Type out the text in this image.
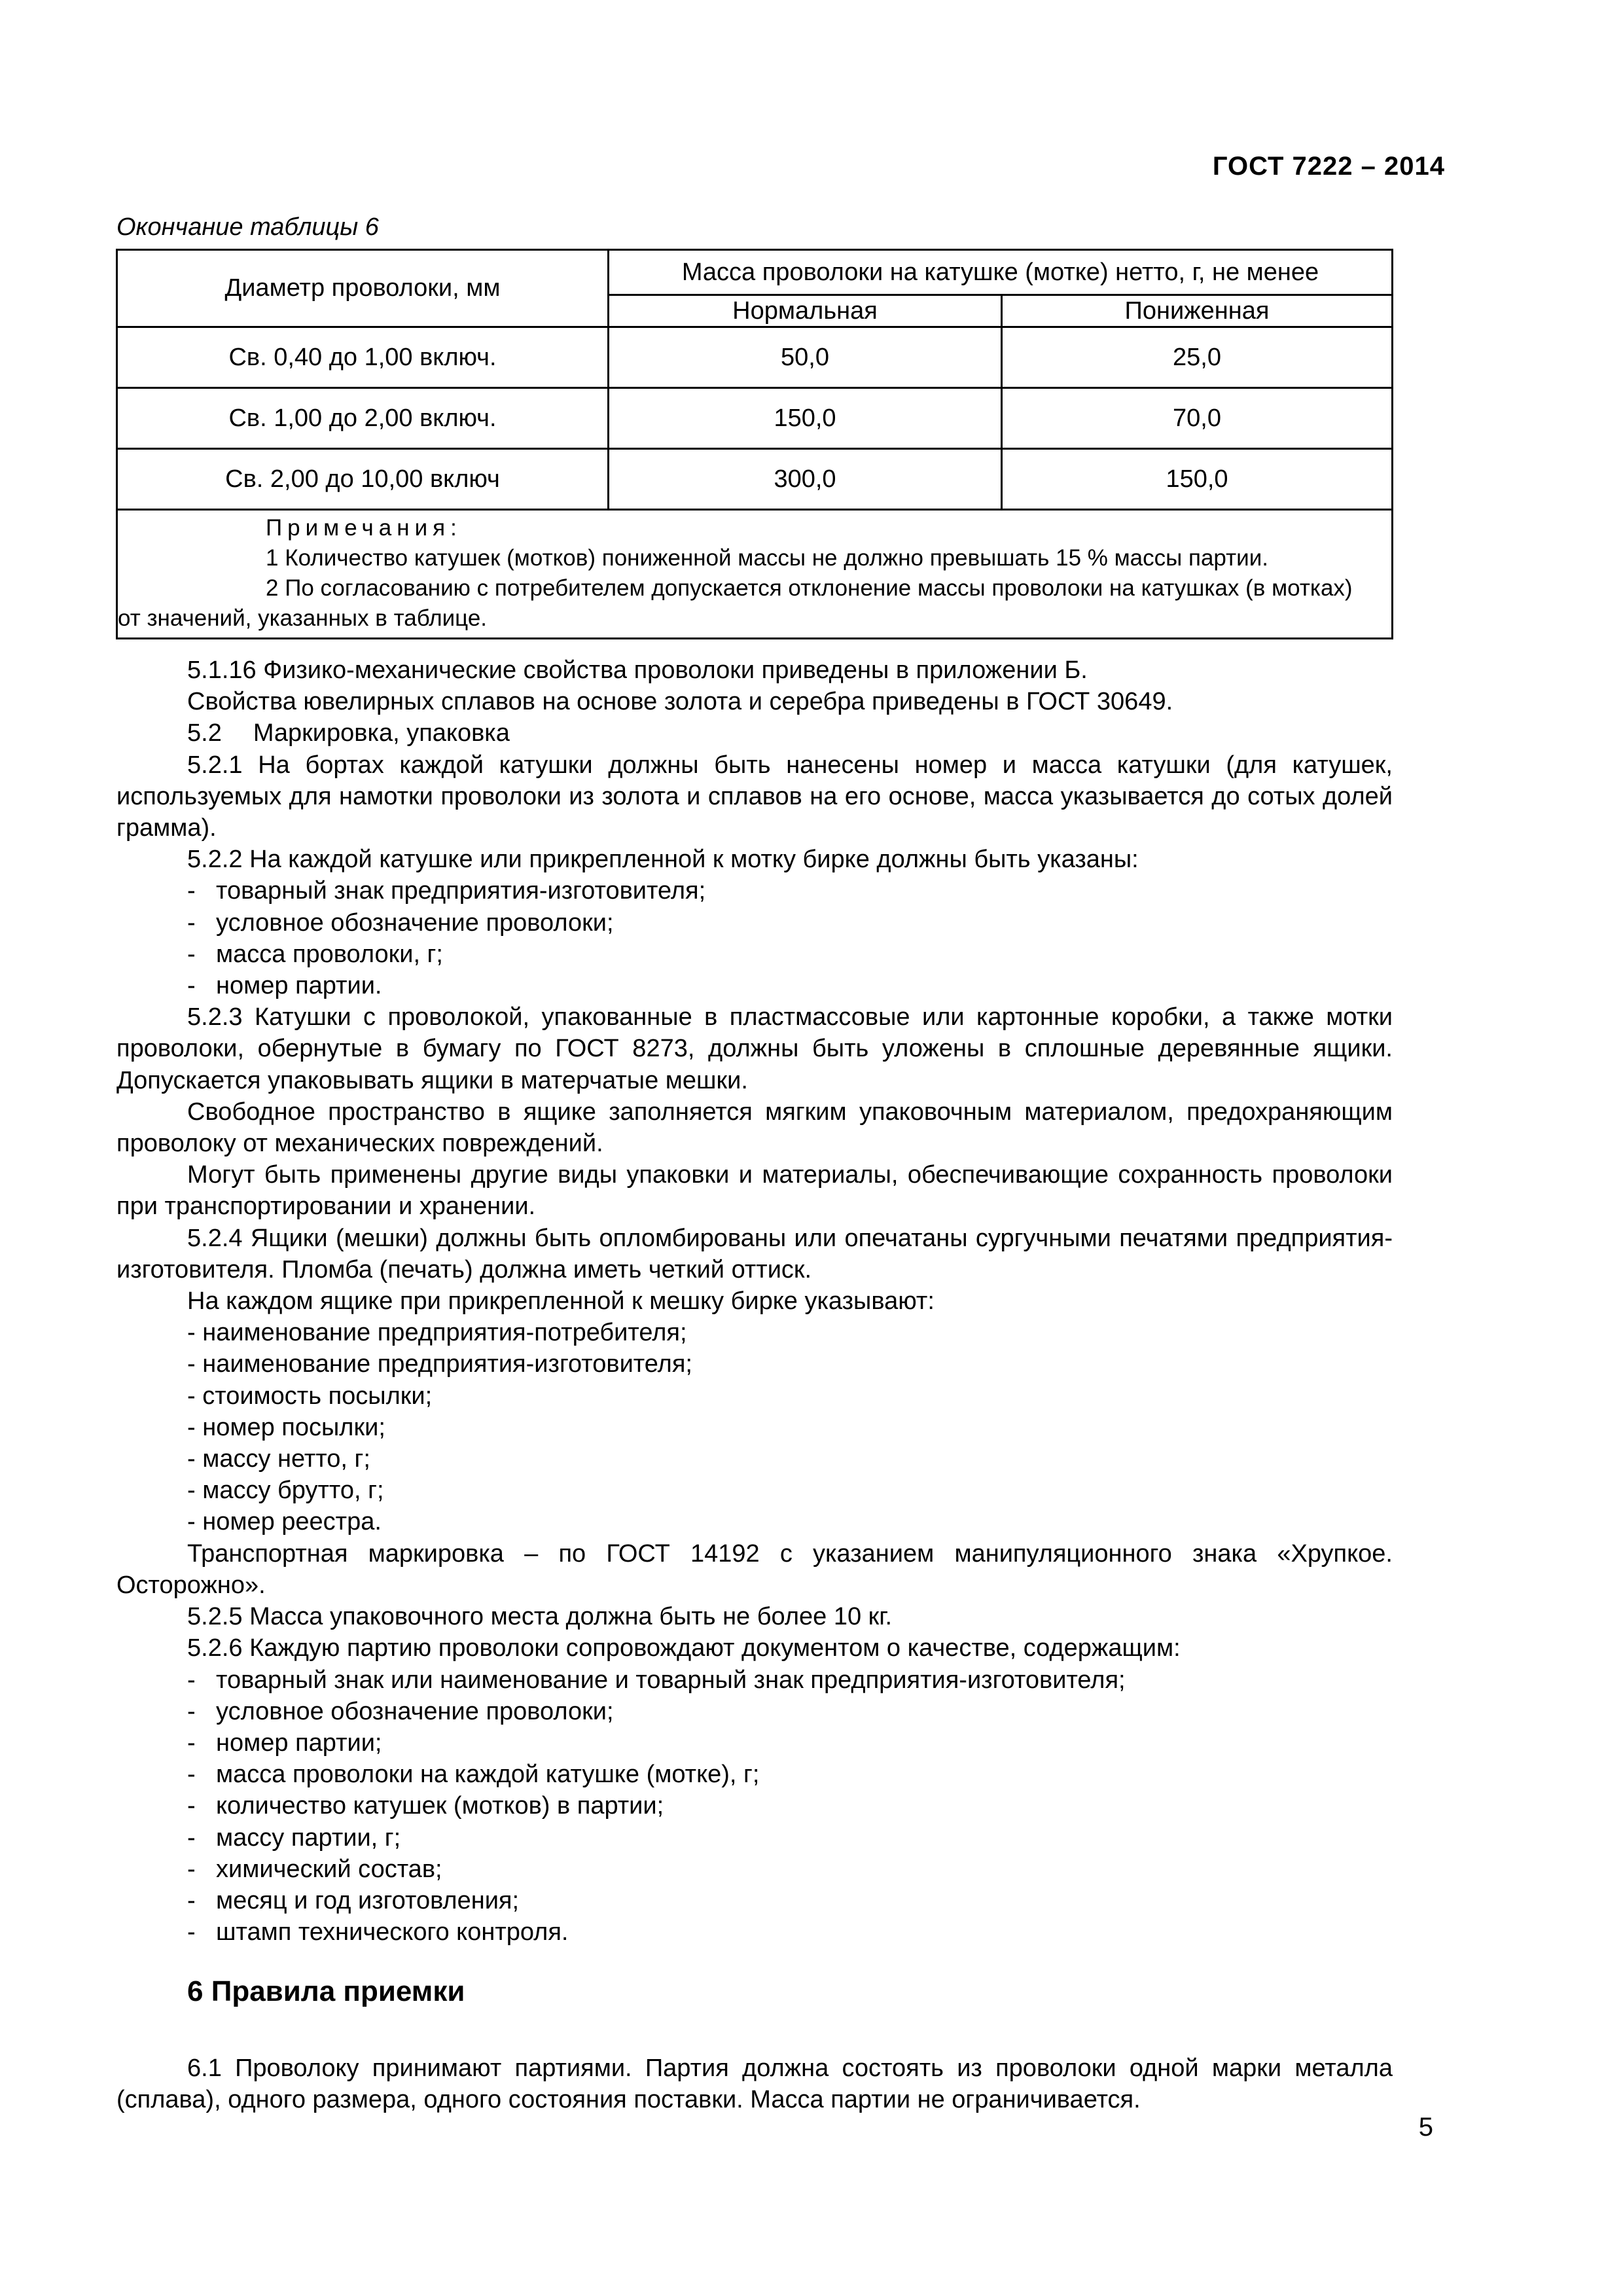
ГОСТ 7222 – 2014
Окончание таблицы 6
Диаметр проволоки, мм	Масса проволоки на катушке (мотке) нетто, г, не менее	
	Нормальная	Пониженная
Св. 0,40 до 1,00 включ.	50,0	25,0
Св. 1,00 до 2,00 включ.	150,0	70,0
Св. 2,00 до 10,00 включ	300,0	150,0

Примечания:
1 Количество катушек (мотков) пониженной массы не должно превышать 15 % массы партии.
2 По согласованию с потребителем допускается отклонение массы проволоки на катушках (в мотках)
от значений, указанных в таблице.		
5.1.16 Физико-механические свойства проволоки приведены в приложении Б.
Свойства ювелирных сплавов на основе золота и серебра приведены в ГОСТ 30649.
5.2 Маркировка, упаковка
5.2.1 На бортах каждой катушки должны быть нанесены номер и масса катушки (для катушек, используемых для намотки проволоки из золота и сплавов на его основе, масса указывается до сотых долей грамма).
5.2.2 На каждой катушке или прикрепленной к мотку бирке должны быть указаны:
- товарный знак предприятия-изготовителя;
- условное обозначение проволоки;
- масса проволоки, г;
- номер партии.
5.2.3 Катушки с проволокой, упакованные в пластмассовые или картонные коробки, а также мотки проволоки, обернутые в бумагу по ГОСТ 8273, должны быть уложены в сплошные деревянные ящики. Допускается упаковывать ящики в матерчатые мешки.
Свободное пространство в ящике заполняется мягким упаковочным материалом, предохраняющим проволоку от механических повреждений.
Могут быть применены другие виды упаковки и материалы, обеспечивающие сохранность проволоки при транспортировании и хранении.
5.2.4 Ящики (мешки) должны быть опломбированы или опечатаны сургучными печатями предприятия-изготовителя. Пломба (печать) должна иметь четкий оттиск.
На каждом ящике при прикрепленной к мешку бирке указывают:
- наименование предприятия-потребителя;
- наименование предприятия-изготовителя;
- стоимость посылки;
- номер посылки;
- массу нетто, г;
- массу брутто, г;
- номер реестра.
Транспортная маркировка – по ГОСТ 14192 с указанием манипуляционного знака «Хрупкое. Осторожно».
5.2.5 Масса упаковочного места должна быть не более 10 кг.
5.2.6 Каждую партию проволоки сопровождают документом о качестве, содержащим:
- товарный знак или наименование и товарный знак предприятия-изготовителя;
- условное обозначение проволоки;
- номер партии;
- масса проволоки на каждой катушке (мотке), г;
- количество катушек (мотков) в партии;
- массу партии, г;
- химический состав;
- месяц и год изготовления;
- штамп технического контроля.
6 Правила приемки
6.1 Проволоку принимают партиями. Партия должна состоять из проволоки одной марки металла (сплава), одного размера, одного состояния поставки. Масса партии не ограничивается.
5
